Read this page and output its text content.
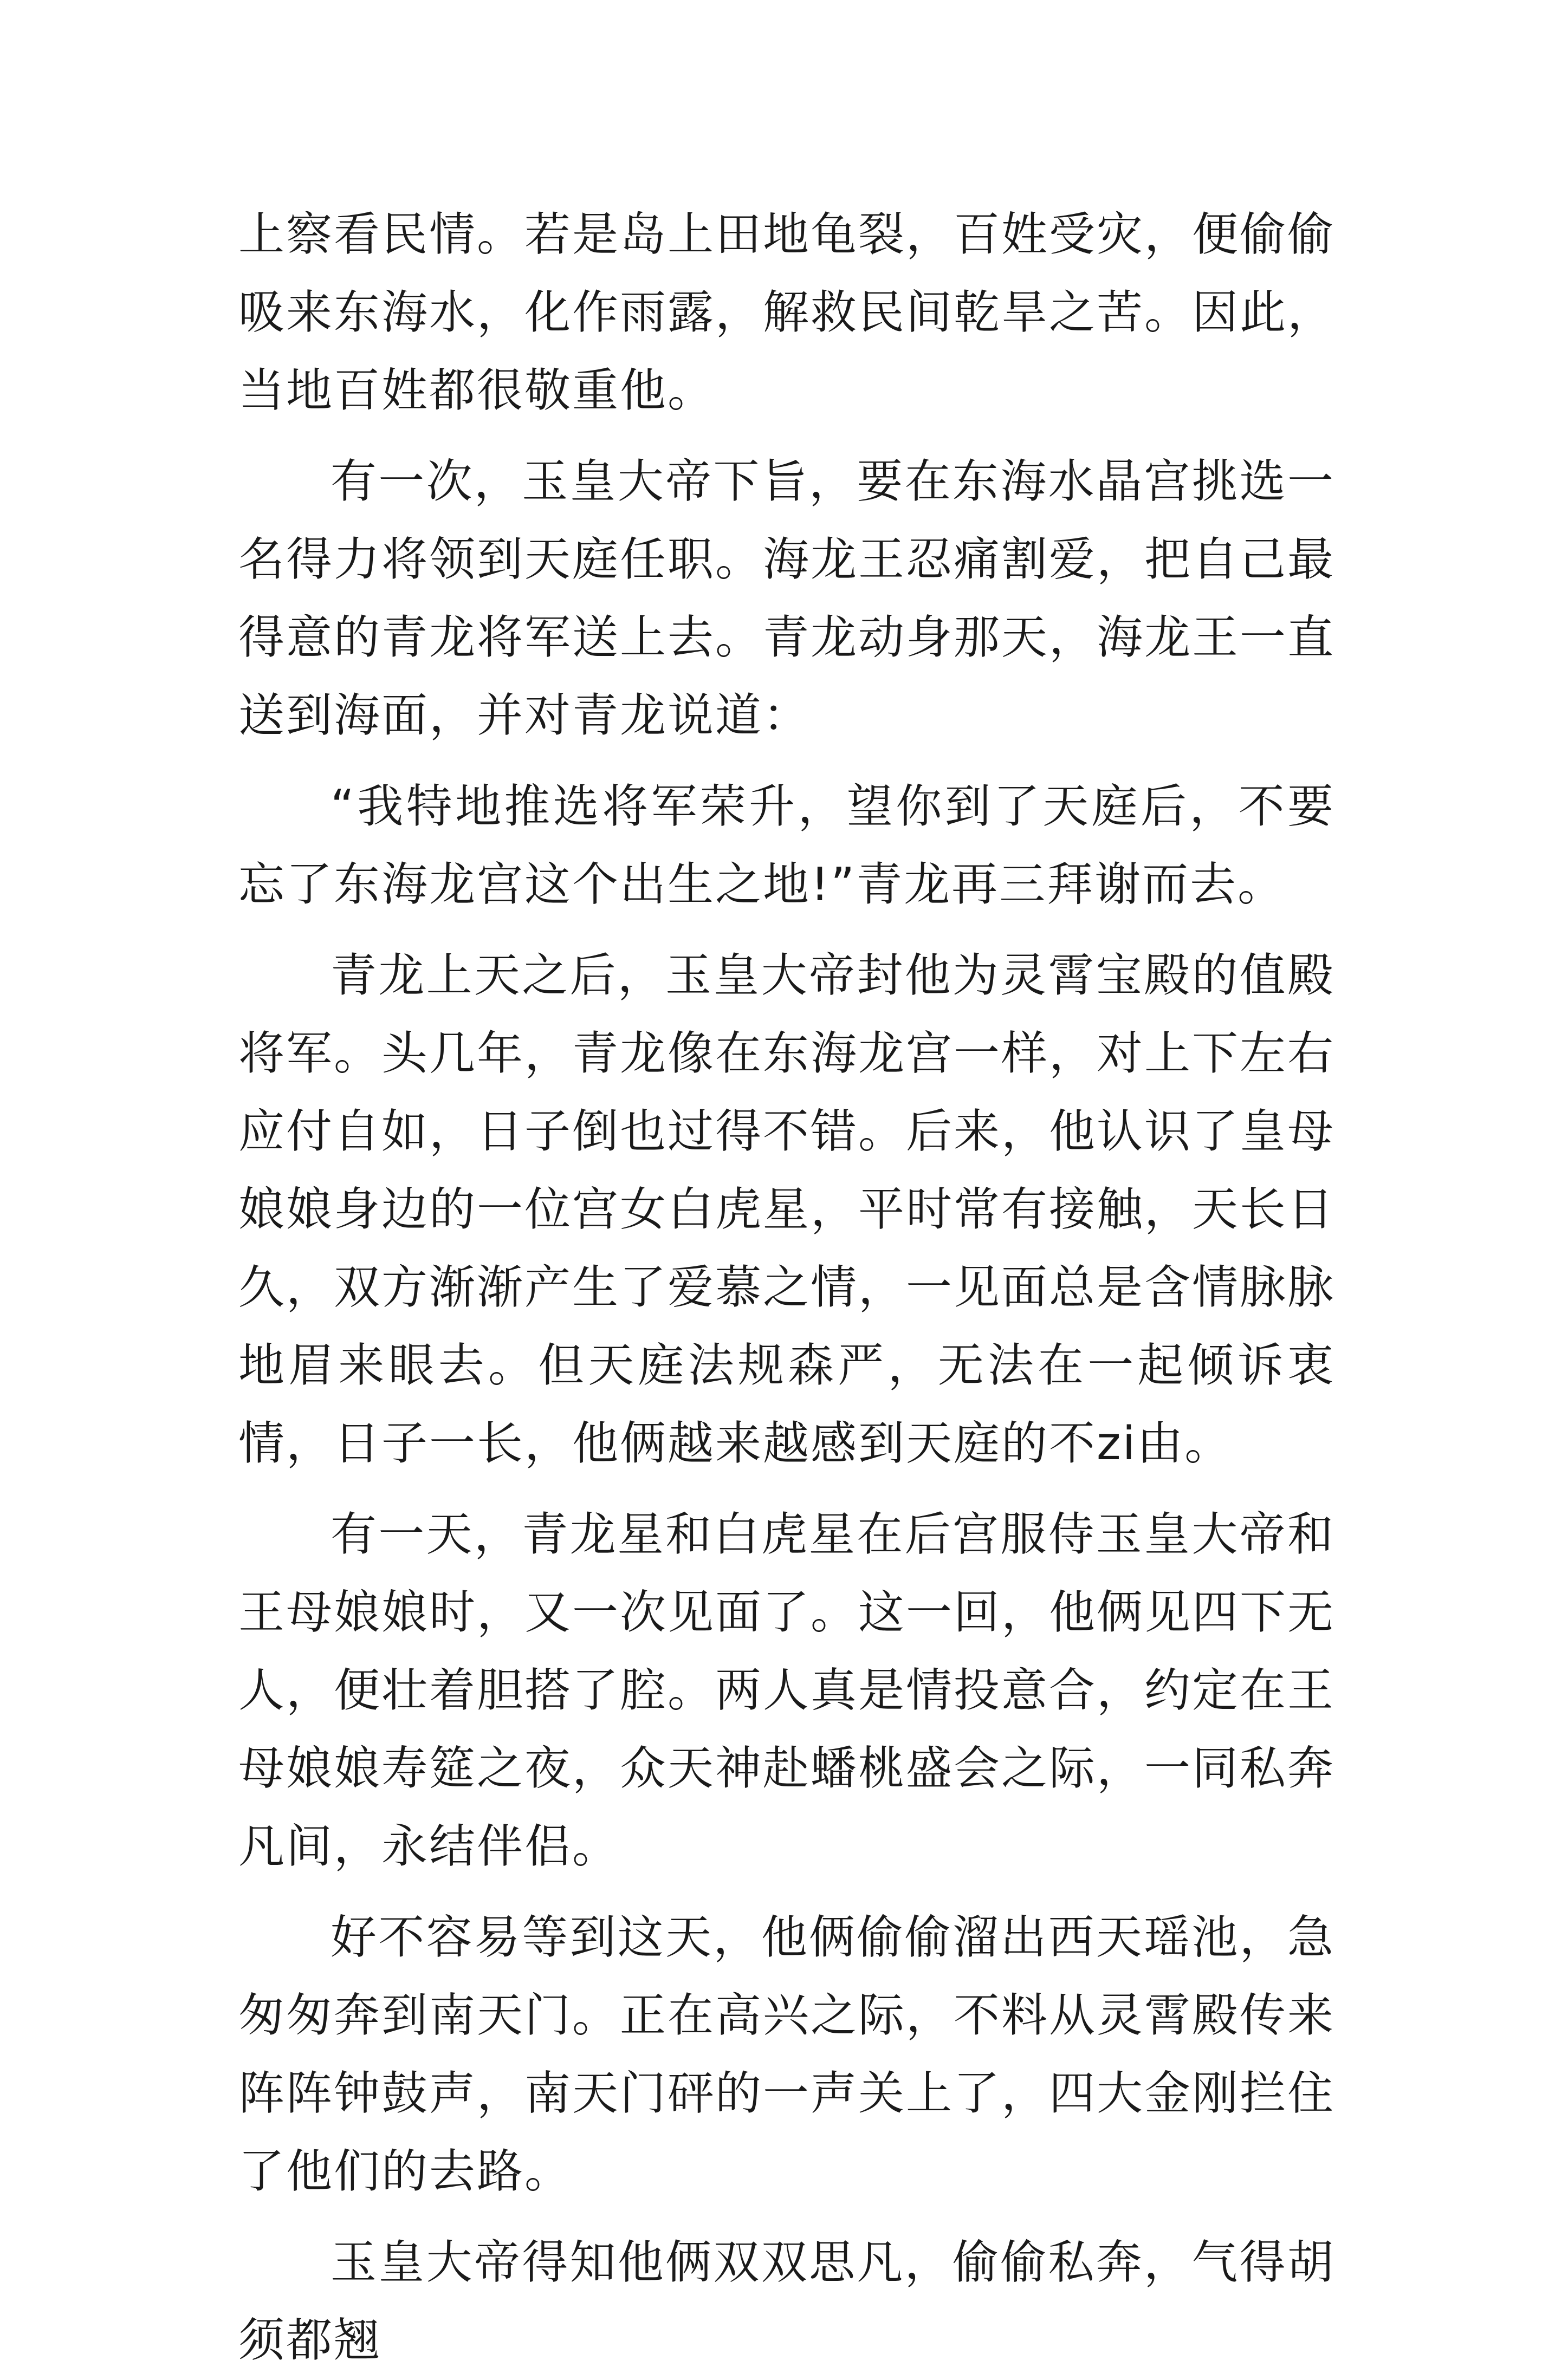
上察看民情。若是岛上田地龟裂，百姓受灾，便偷偷吸来东海水，化作雨露，解救民间乾旱之苦。因此，当地百姓都很敬重他。

有一次，玉皇大帝下旨，要在东海水晶宫挑选一名得力将领到天庭任职。海龙王忍痛割爱，把自己最得意的青龙将军送上去。青龙动身那天，海龙王一直送到海面，并对青龙说道：

“我特地推选将军荣升，望你到了天庭后，不要忘了东海龙宫这个出生之地!”青龙再三拜谢而去。

青龙上天之后，玉皇大帝封他为灵霄宝殿的值殿将军。头几年，青龙像在东海龙宫一样，对上下左右应付自如，日子倒也过得不错。后来，他认识了皇母娘娘身边的一位宫女白虎星，平时常有接触，天长日久，双方渐渐产生了爱慕之情，一见面总是含情脉脉地眉来眼去。但天庭法规森严，无法在一起倾诉衷情，日子一长，他俩越来越感到天庭的不zi由。

有一天，青龙星和白虎星在后宫服侍玉皇大帝和王母娘娘时，又一次见面了。这一回，他俩见四下无人，便壮着胆搭了腔。两人真是情投意合，约定在王母娘娘寿筵之夜，众天神赴蟠桃盛会之际，一同私奔凡间，永结伴侣。

好不容易等到这天，他俩偷偷溜出西天瑶池，急匆匆奔到南天门。正在高兴之际，不料从灵霄殿传来阵阵钟鼓声，南天门砰的一声关上了，四大金刚拦住了他们的去路。

玉皇大帝得知他俩双双思凡，偷偷私奔，气得胡须都翘
